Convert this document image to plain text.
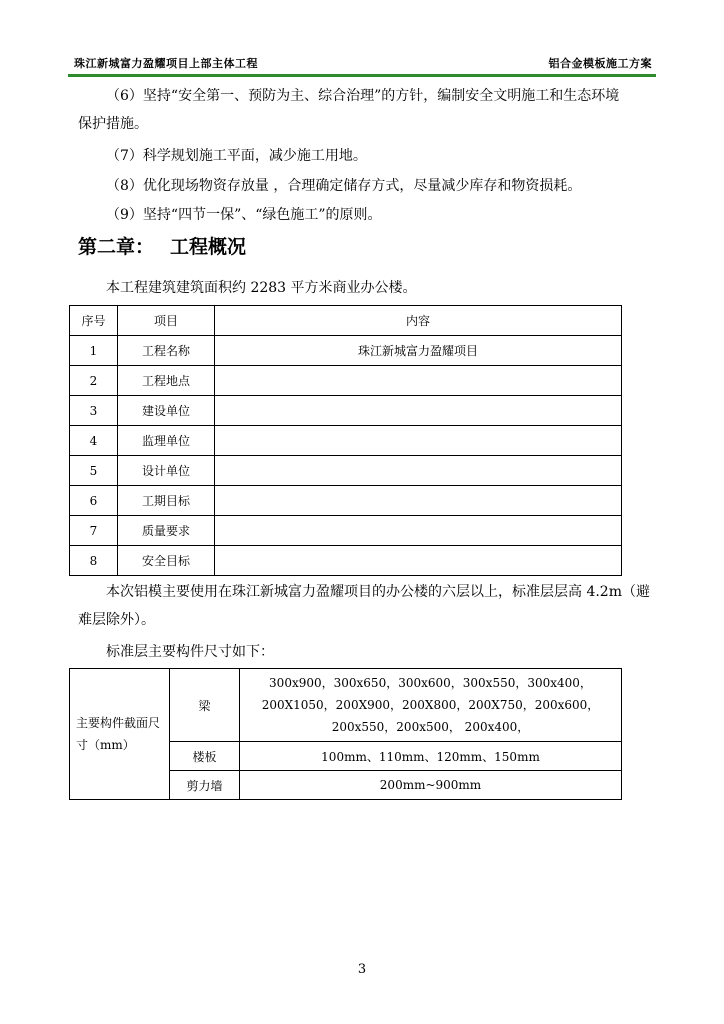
珠江新城富力盈耀项目上部主体工程	铝合金模板施工方案
（6）坚持“安全第一、预防为主、综合治理”的方针，编制安全文明施工和生态环境
保护措施。
（7）科学规划施工平面，减少施工用地。
（8）优化现场物资存放量 ，合理确定储存方式，尽量减少库存和物资损耗。
（9）坚持“四节一保”、“绿色施工”的原则。
第二章： 工程概况
本工程建筑建筑面积约 2283 平方米商业办公楼。
序号	项目	内容
1	工程名称	珠江新城富力盈耀项目
2	工程地点	
3	建设单位	
4	监理单位	
5	设计单位	
6	工期目标	
7	质量要求	
8	安全目标	
本次铝模主要使用在珠江新城富力盈耀项目的办公楼的六层以上，标准层层高 4.2m（避
难层除外）。
标准层主要构件尺寸如下：
主要构件截面尺寸（mm）	梁	300x900，300x650，300x600，300x550，300x400，
200X1050，200X900，200X800，200X750，200x600，
200x550，200x500， 200x400，

	楼板	100mm、110mm、120mm、150mm
	剪力墙	200mm~900mm
3
